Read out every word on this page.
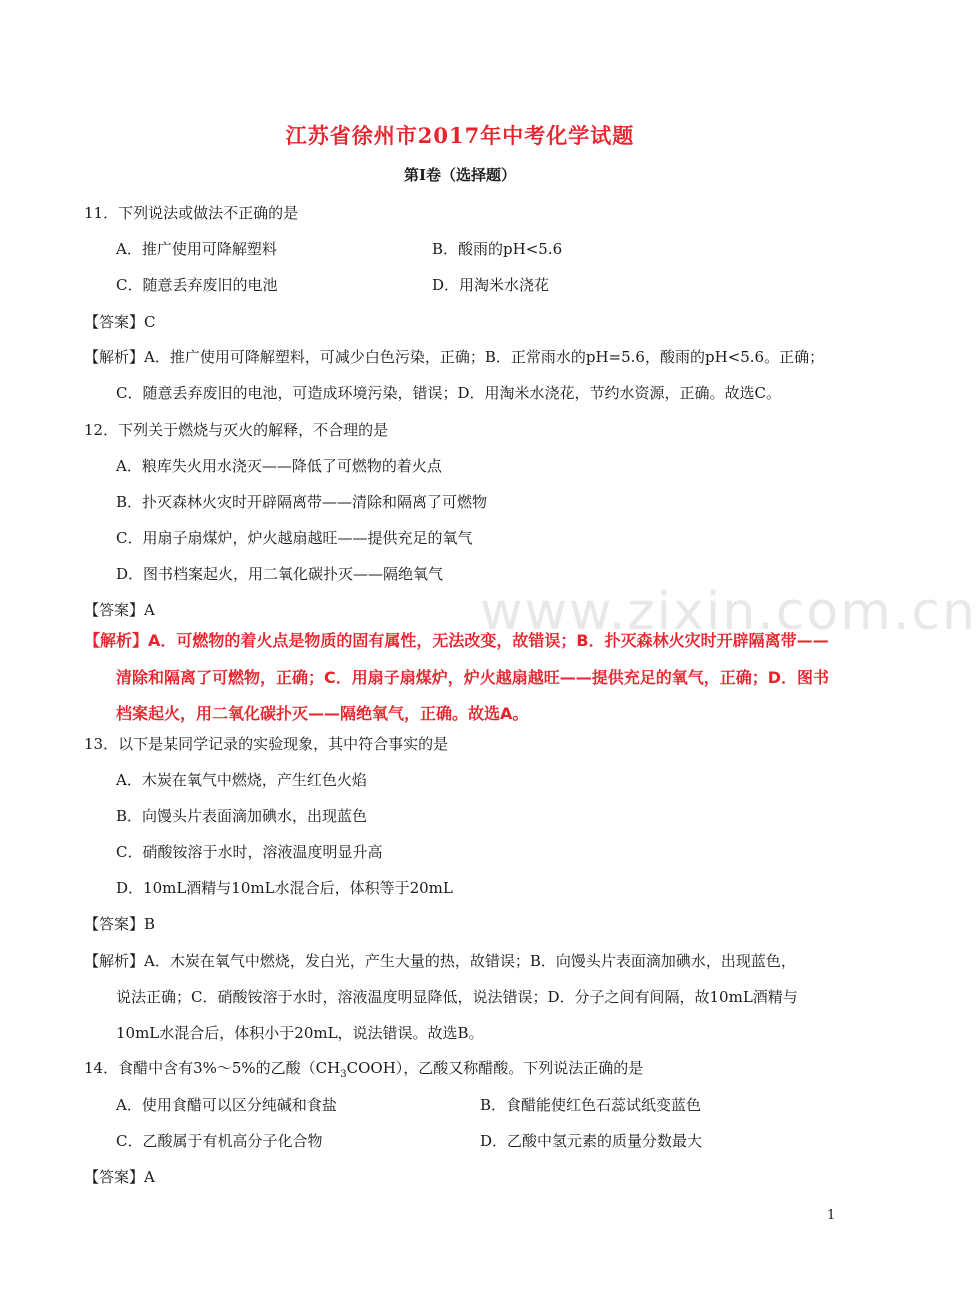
江苏省徐州市2017年中考化学试题
第Ⅰ卷（选择题）
11．下列说法或做法不正确的是
A．推广使用可降解塑料	B．酸雨的pH<5.6
C．随意丢弃废旧的电池	D．用淘米水浇花
【答案】C
【解析】A．推广使用可降解塑料，可减少白色污染，正确；B．正常雨水的pH=5.6，酸雨的pH<5.6。正确；
C．随意丢弃废旧的电池，可造成环境污染，错误；D．用淘米水浇花，节约水资源，正确。故选C。
12．下列关于燃烧与灭火的解释，不合理的是
A．粮库失火用水浇灭——降低了可燃物的着火点
B．扑灭森林火灾时开辟隔离带——清除和隔离了可燃物
C．用扇子扇煤炉，炉火越扇越旺——提供充足的氧气
D．图书档案起火，用二氧化碳扑灭——隔绝氧气
【答案】A	www.zixin.com.cn
【解析】A．可燃物的着火点是物质的固有属性，无法改变，故错误；B．扑灭森林火灾时开辟隔离带——
清除和隔离了可燃物，正确；C．用扇子扇煤炉，炉火越扇越旺——提供充足的氧气，正确；D．图书
档案起火，用二氧化碳扑灭——隔绝氧气，正确。故选A。
13．以下是某同学记录的实验现象，其中符合事实的是
A．木炭在氧气中燃烧，产生红色火焰
B．向馒头片表面滴加碘水，出现蓝色
C．硝酸铵溶于水时，溶液温度明显升高
D．10mL酒精与10mL水混合后，体积等于20mL
【答案】B
【解析】A．木炭在氧气中燃烧，发白光，产生大量的热，故错误；B．向馒头片表面滴加碘水，出现蓝色，
说法正确；C．硝酸铵溶于水时，溶液温度明显降低，说法错误；D．分子之间有间隔，故10mL酒精与
10mL水混合后，体积小于20mL，说法错误。故选B。
14．食醋中含有3%～5%的乙酸$(CH_3COOH)$，乙酸又称醋酸。下列说法正确的是
A．使用食醋可以区分纯碱和食盐	B．食醋能使红色石蕊试纸变蓝色
C．乙酸属于有机高分子化合物	D．乙酸中氢元素的质量分数最大
【答案】A
1
